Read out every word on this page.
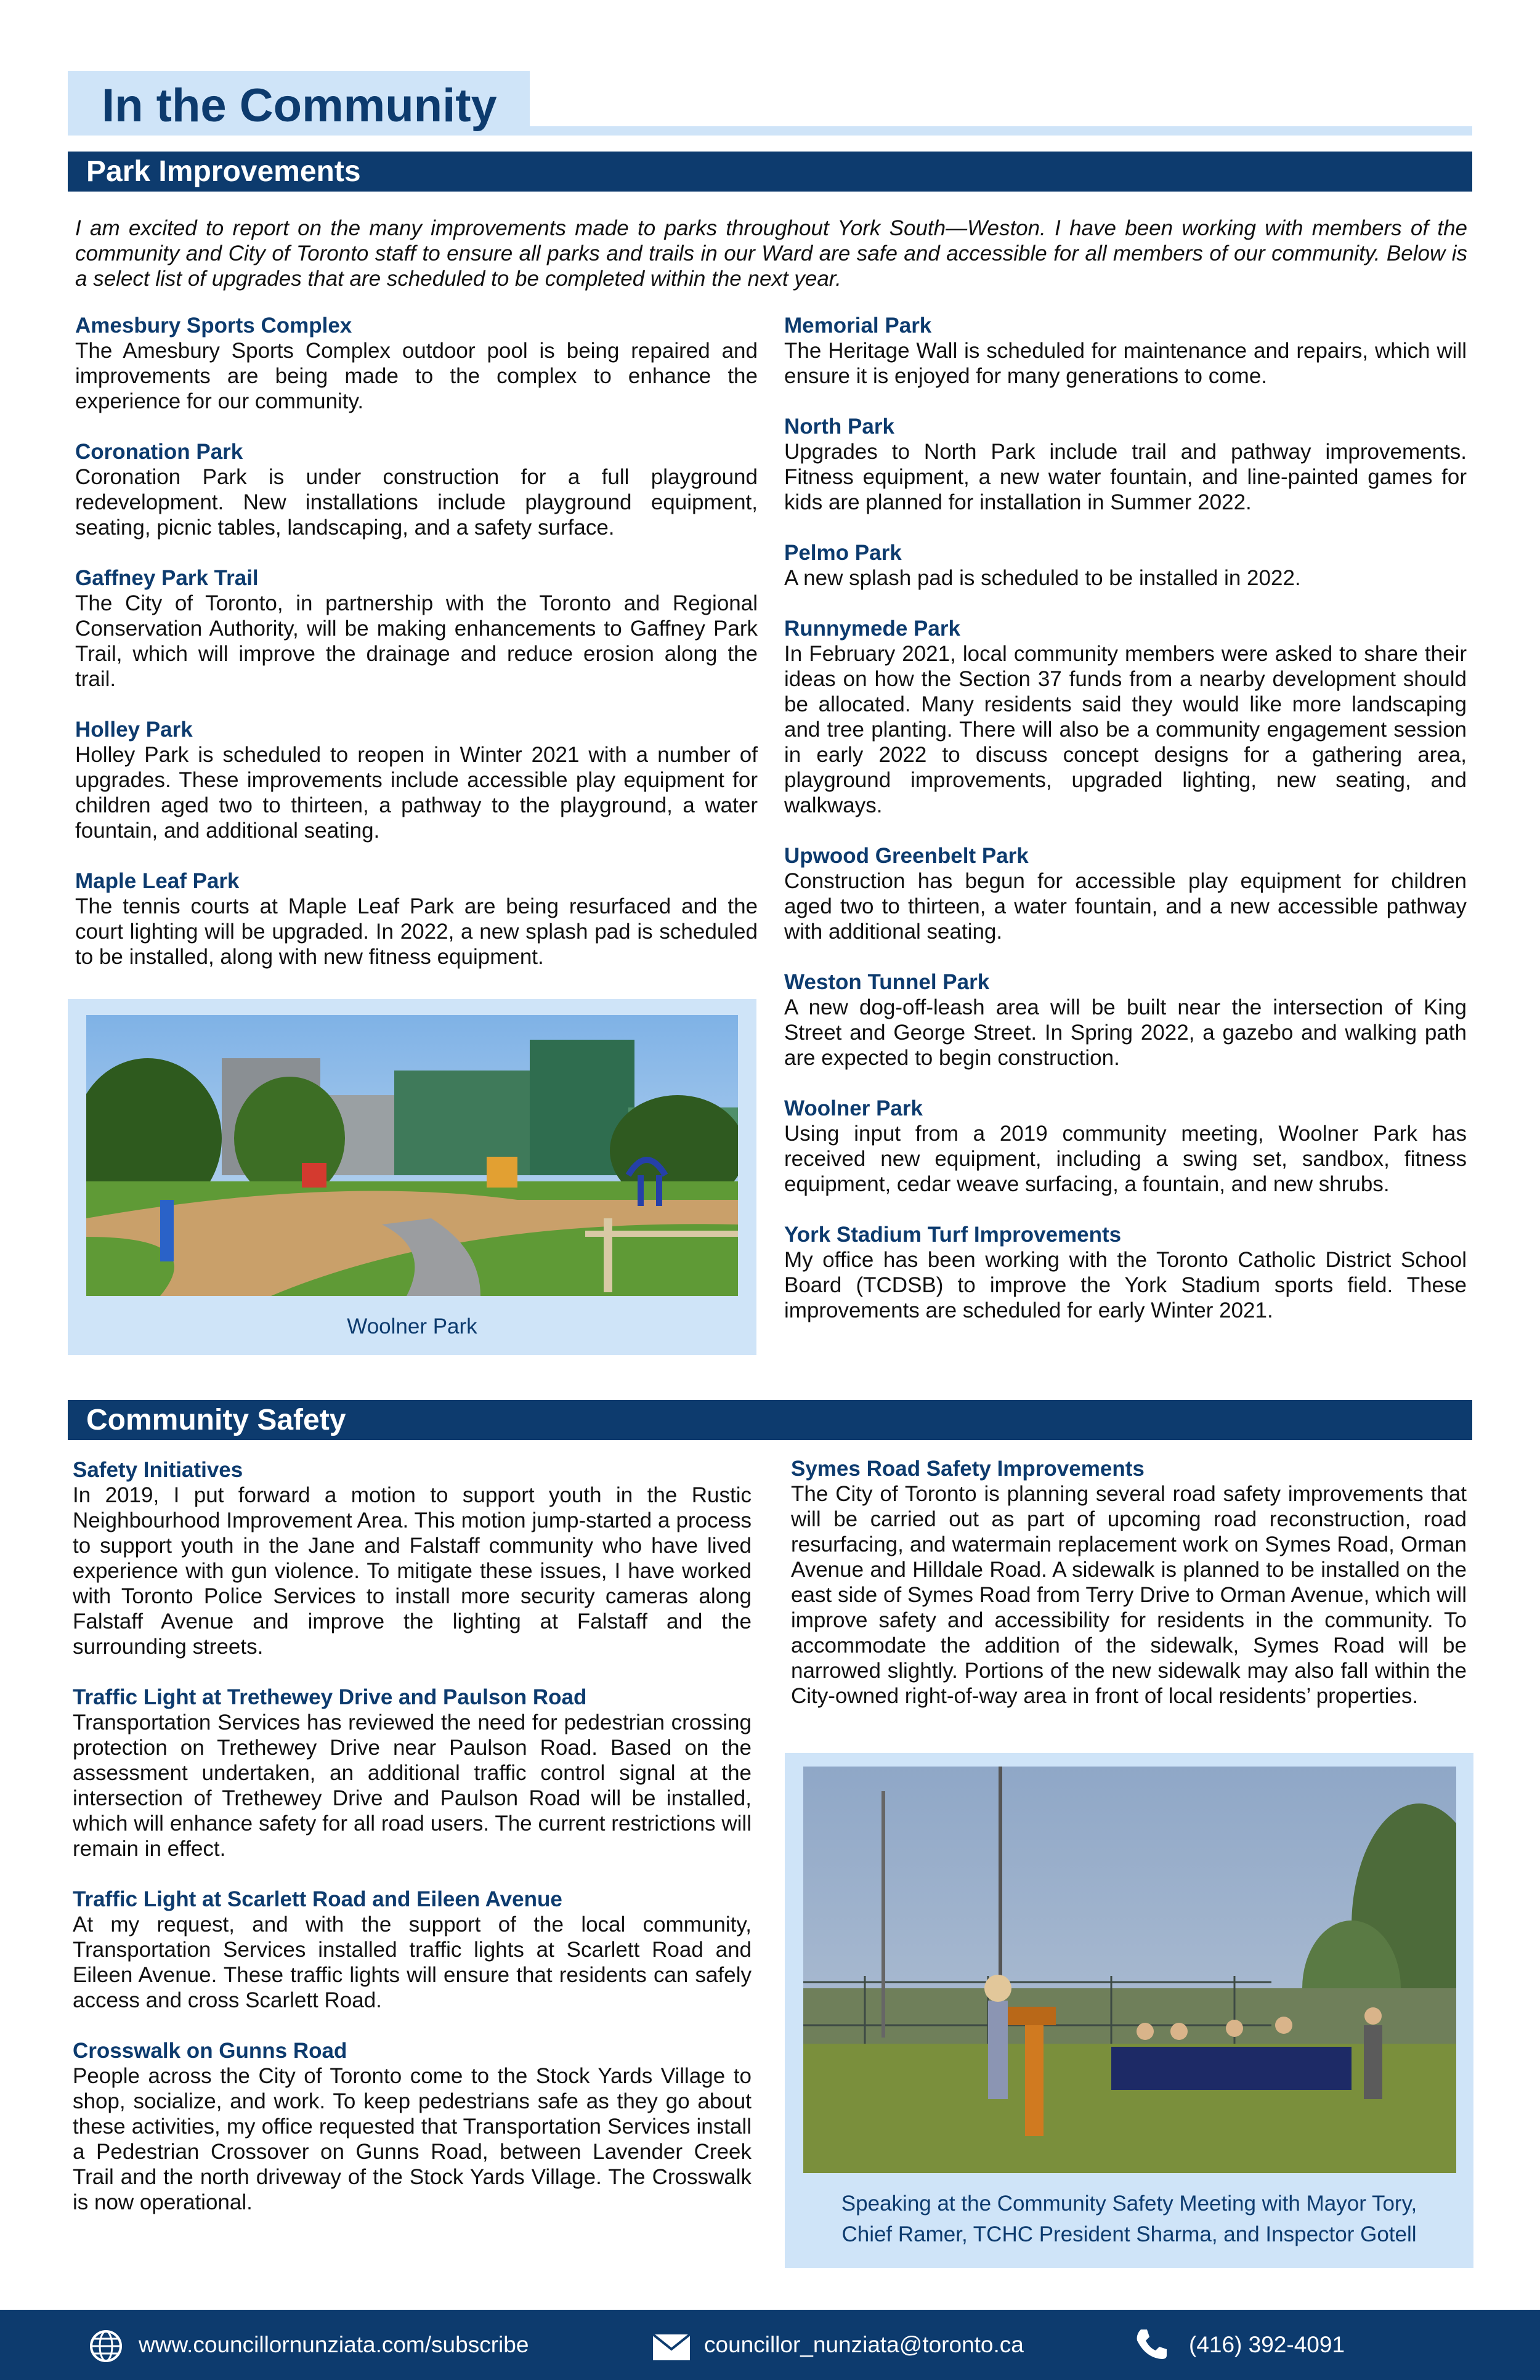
In the Community
Park Improvements
I am excited to report on the many improvements made to parks throughout York South—Weston. I have been working with members of the community and City of Toronto staff to ensure all parks and trails in our Ward are safe and accessible for all members of our community. Below is a select list of upgrades that are scheduled to be completed within the next year.
Amesbury Sports Complex
The Amesbury Sports Complex outdoor pool is being repaired and improvements are being made to the complex to enhance the experience for our community.
Coronation Park
Coronation Park is under construction for a full playground redevelopment. New installations include playground equipment, seating, picnic tables, landscaping, and a safety surface.
Gaffney Park Trail
The City of Toronto, in partnership with the Toronto and Regional Conservation Authority, will be making enhancements to Gaffney Park Trail, which will improve the drainage and reduce erosion along the trail.
Holley Park
Holley Park is scheduled to reopen in Winter 2021 with a number of upgrades. These improvements include accessible play equipment for children aged two to thirteen, a pathway to the playground, a water fountain, and additional seating.
Maple Leaf Park
The tennis courts at Maple Leaf Park are being resurfaced and the court lighting will be upgraded. In 2022, a new splash pad is scheduled to be installed, along with new fitness equipment.
Memorial Park
The Heritage Wall is scheduled for maintenance and repairs, which will ensure it is enjoyed for many generations to come.
North Park
Upgrades to North Park include trail and pathway improvements. Fitness equipment, a new water fountain, and line-painted games for kids are planned for installation in Summer 2022.
Pelmo Park
A new splash pad is scheduled to be installed in 2022.
Runnymede Park
In February 2021, local community members were asked to share their ideas on how the Section 37 funds from a nearby development should be allocated. Many residents said they would like more landscaping and tree planting. There will also be a community engagement session in early 2022 to discuss concept designs for a gathering area, playground improvements, upgraded lighting, new seating, and walkways.
Upwood Greenbelt Park
Construction has begun for accessible play equipment for children aged two to thirteen, a water fountain, and a new accessible pathway with additional seating.
Weston Tunnel Park
A new dog-off-leash area will be built near the intersection of King Street and George Street. In Spring 2022, a gazebo and walking path are expected to begin construction.
Woolner Park
Using input from a 2019 community meeting, Woolner Park has received new equipment, including a swing set, sandbox, fitness equipment, cedar weave surfacing, a fountain, and new shrubs.
York Stadium Turf Improvements
My office has been working with the Toronto Catholic District School Board (TCDSB) to improve the York Stadium sports field. These improvements are scheduled for early Winter 2021.
Woolner Park
Community Safety
Safety Initiatives
In 2019, I put forward a motion to support youth in the Rustic Neighbourhood Improvement Area. This motion jump-started a process to support youth in the Jane and Falstaff community who have lived experience with gun violence. To mitigate these issues, I have worked with Toronto Police Services to install more security cameras along Falstaff Avenue and improve the lighting at Falstaff and the surrounding streets.
Traffic Light at Trethewey Drive and Paulson Road
Transportation Services has reviewed the need for pedestrian crossing protection on Trethewey Drive near Paulson Road. Based on the assessment undertaken, an additional traffic control signal at the intersection of Trethewey Drive and Paulson Road will be installed, which will enhance safety for all road users. The current restrictions will remain in effect.
Traffic Light at Scarlett Road and Eileen Avenue
At my request, and with the support of the local community, Transportation Services installed traffic lights at Scarlett Road and Eileen Avenue. These traffic lights will ensure that residents can safely access and cross Scarlett Road.
Crosswalk on Gunns Road
People across the City of Toronto come to the Stock Yards Village to shop, socialize, and work. To keep pedestrians safe as they go about these activities, my office requested that Transportation Services install a Pedestrian Crossover on Gunns Road, between Lavender Creek Trail and the north driveway of the Stock Yards Village. The Crosswalk is now operational.
Symes Road Safety Improvements
The City of Toronto is planning several road safety improvements that will be carried out as part of upcoming road reconstruction, road resurfacing, and watermain replacement work on Symes Road, Orman Avenue and Hilldale Road. A sidewalk is planned to be installed on the east side of Symes Road from Terry Drive to Orman Avenue, which will improve safety and accessibility for residents in the community. To accommodate the addition of the sidewalk, Symes Road will be narrowed slightly. Portions of the new sidewalk may also fall within the City-owned right-of-way area in front of local residents’ properties.
Speaking at the Community Safety Meeting with Mayor Tory,
Chief Ramer, TCHC President Sharma, and Inspector Gotell
www.councillornunziata.com/subscribe	councillor_nunziata@toronto.ca	(416) 392-4091
